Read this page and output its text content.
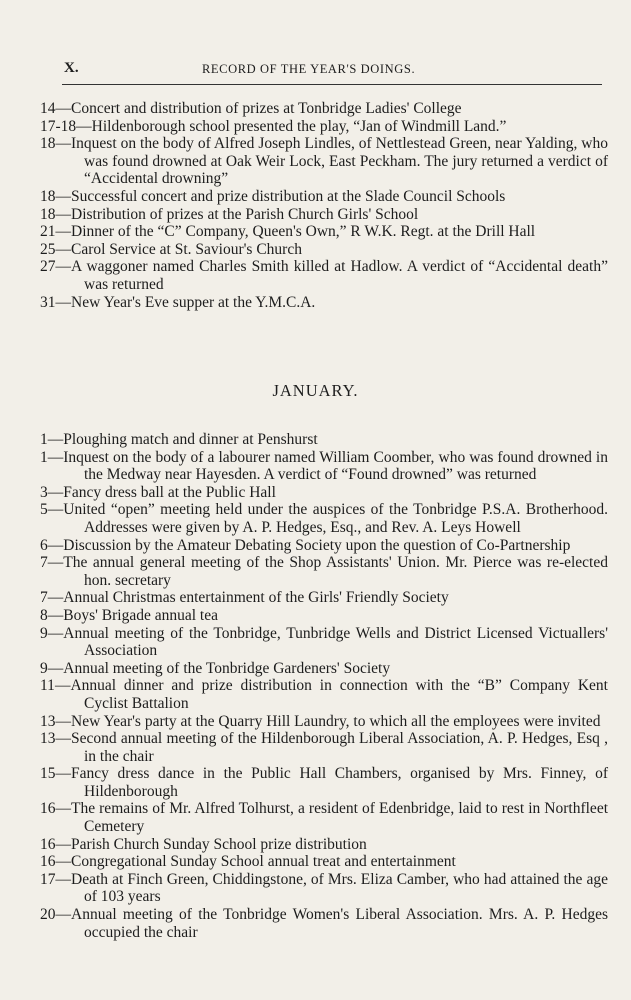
X.	RECORD OF THE YEAR'S DOINGS.
14—Concert and distribution of prizes at Tonbridge Ladies' College
17-18—Hildenborough school presented the play, “Jan of Windmill Land.”
18—Inquest on the body of Alfred Joseph Lindles, of Nettlestead Green, near Yalding, who was found drowned at Oak Weir Lock, East Peckham. The jury returned a verdict of “Accidental drowning”
18—Successful concert and prize distribution at the Slade Council Schools
18—Distribution of prizes at the Parish Church Girls' School
21—Dinner of the “C” Company, Queen's Own,” R W.K. Regt. at the Drill Hall
25—Carol Service at St. Saviour's Church
27—A waggoner named Charles Smith killed at Hadlow. A verdict of “Accidental death” was returned
31—New Year's Eve supper at the Y.M.C.A.
JANUARY.
1—Ploughing match and dinner at Penshurst
1—Inquest on the body of a labourer named William Coomber, who was found drowned in the Medway near Hayesden. A verdict of “Found drowned” was returned
3—Fancy dress ball at the Public Hall
5—United “open” meeting held under the auspices of the Tonbridge P.S.A. Brotherhood. Addresses were given by A. P. Hedges, Esq., and Rev. A. Leys Howell
6—Discussion by the Amateur Debating Society upon the question of Co-Partnership
7—The annual general meeting of the Shop Assistants' Union. Mr. Pierce was re-elected hon. secretary
7—Annual Christmas entertainment of the Girls' Friendly Society
8—Boys' Brigade annual tea
9—Annual meeting of the Tonbridge, Tunbridge Wells and District Licensed Victuallers' Association
9—Annual meeting of the Tonbridge Gardeners' Society
11—Annual dinner and prize distribution in connection with the “B” Company Kent Cyclist Battalion
13—New Year's party at the Quarry Hill Laundry, to which all the employees were invited
13—Second annual meeting of the Hildenborough Liberal Association, A. P. Hedges, Esq , in the chair
15—Fancy dress dance in the Public Hall Chambers, organised by Mrs. Finney, of Hildenborough
16—The remains of Mr. Alfred Tolhurst, a resident of Edenbridge, laid to rest in Northfleet Cemetery
16—Parish Church Sunday School prize distribution
16—Congregational Sunday School annual treat and entertainment
17—Death at Finch Green, Chiddingstone, of Mrs. Eliza Camber, who had attained the age of 103 years
20—Annual meeting of the Tonbridge Women's Liberal Association. Mrs. A. P. Hedges occupied the chair
